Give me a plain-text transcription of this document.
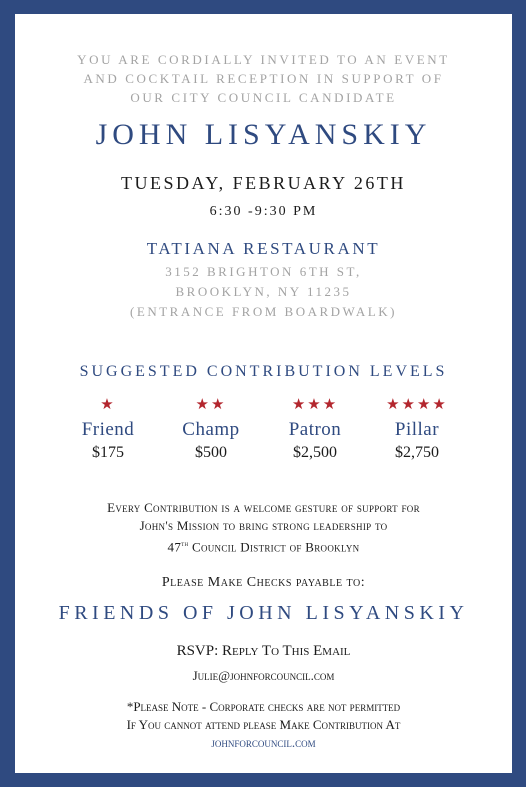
YOU ARE CORDIALLY INVITED TO AN EVENT
AND COCKTAIL RECEPTION IN SUPPORT OF
OUR CITY COUNCIL CANDIDATE
JOHN LISYANSKIY
TUESDAY, FEBRUARY 26TH
6:30 -9:30 PM
TATIANA RESTAURANT
3152 BRIGHTON 6TH ST,
BROOKLYN, NY 11235
(ENTRANCE FROM BOARDWALK)
SUGGESTED CONTRIBUTION LEVELS
★
Friend
$175
★★
Champ
$500
★★★
Patron
$2,500
★★★★
Pillar
$2,750
Every Contribution is a welcome gesture of support for
John's Mission to bring strong leadership to
47th Council District of Brooklyn
Please Make Checks payable to:
FRIENDS OF JOHN LISYANSKIY
RSVP: Reply To This Email
Julie@johnforcouncil.com
*Please Note - Corporate checks are not permitted
If You cannot attend please Make Contribution At
johnforcouncil.com
